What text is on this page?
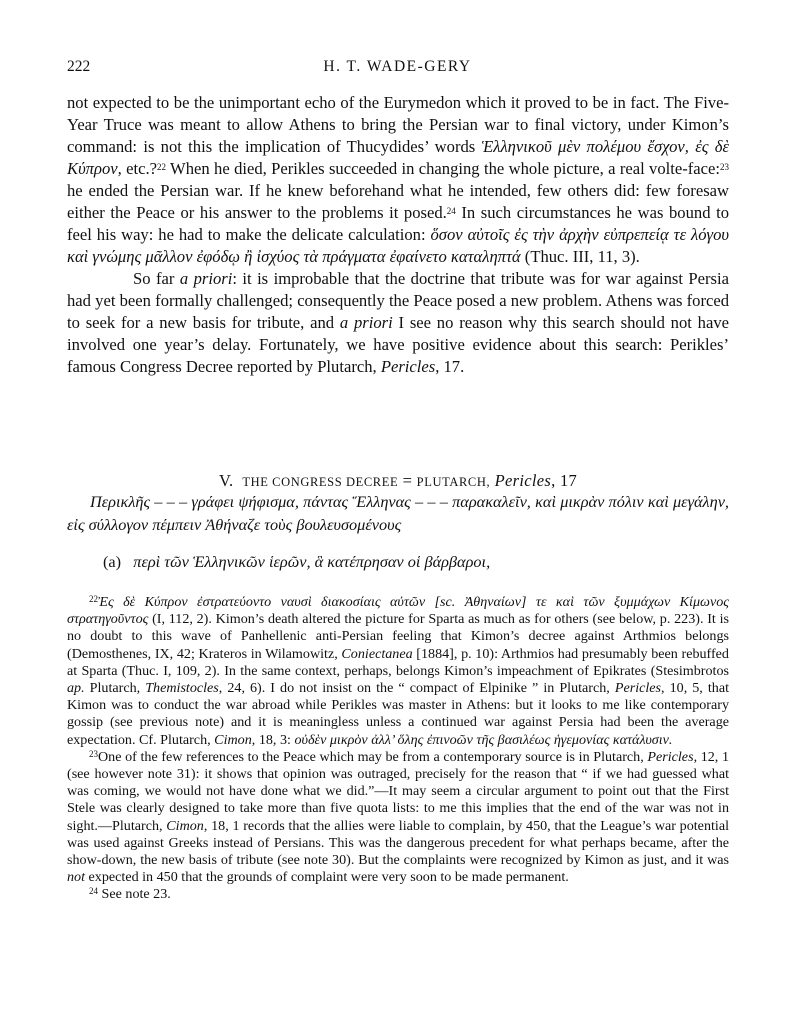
222	H. T. WADE-GERY

not expected to be the unimportant echo of the Eurymedon which it proved to be in fact. The Five-Year Truce was meant to allow Athens to bring the Persian war to final victory, under Kimon’s command: is not this the implication of Thucydides’ words Ἑλληνικοῦ μὲν πολέμου ἔσχον, ἐς δὲ Κύπρον, etc.?$^{22}$ When he died, Perikles succeeded in changing the whole picture, a real volte-face:$^{23}$ he ended the Persian war. If he knew beforehand what he intended, few others did: few foresaw either the Peace or his answer to the problems it posed.$^{24}$ In such circumstances he was bound to feel his way: he had to make the delicate calculation: ὅσον αὐτοῖς ἐς τὴν ἀρχὴν εὐπρεπείᾳ τε λόγου καὶ γνώμης μᾶλλον ἐφόδῳ ἢ ἰσχύος τὰ πράγματα ἐφαίνετο καταληπτά (Thuc. III, 11, 3).

So far a priori: it is improbable that the doctrine that tribute was for war against Persia had yet been formally challenged; consequently the Peace posed a new problem. Athens was forced to seek for a new basis for tribute, and a priori I see no reason why this search should not have involved one year’s delay. Fortunately, we have positive evidence about this search: Perikles’ famous Congress Decree reported by Plutarch, Pericles, 17.

V. THE CONGRESS DECREE = PLUTARCH, Pericles, 17

Περικλῆς – – – γράφει ψήφισμα, πάντας Ἕλληνας – – – παρακαλεῖν, καὶ μικρὰν πόλιν καὶ μεγάλην, εἰς σύλλογον πέμπειν Ἀθήναζε τοὺς βουλευσομένους

(a) περὶ τῶν Ἑλληνικῶν ἱερῶν, ἃ κατέπρησαν οἱ βάρβαροι,

$^{22}$Ἐς δὲ Κύπρον ἐστρατεύοντο ναυσὶ διακοσίαις αὐτῶν [sc. Ἀθηναίων] τε καὶ τῶν ξυμμάχων Κίμωνος στρατηγοῦντος (I, 112, 2). Kimon’s death altered the picture for Sparta as much as for others (see below, p. 223). It is no doubt to this wave of Panhellenic anti-Persian feeling that Kimon’s decree against Arthmios belongs (Demosthenes, IX, 42; Krateros in Wilamowitz, Coniectanea [1884], p. 10): Arthmios had presumably been rebuffed at Sparta (Thuc. I, 109, 2). In the same context, perhaps, belongs Kimon’s impeachment of Epikrates (Stesimbrotos ap. Plutarch, Themistocles, 24, 6). I do not insist on the “ compact of Elpinike ” in Plutarch, Pericles, 10, 5, that Kimon was to conduct the war abroad while Perikles was master in Athens: but it looks to me like contemporary gossip (see previous note) and it is meaningless unless a continued war against Persia had been the average expectation. Cf. Plutarch, Cimon, 18, 3: οὐδὲν μικρὸν ἀλλ’ ὅλης ἐπινοῶν τῆς βασιλέως ἡγεμονίας κατάλυσιν.

$^{23}$One of the few references to the Peace which may be from a contemporary source is in Plutarch, Pericles, 12, 1 (see however note 31): it shows that opinion was outraged, precisely for the reason that “ if we had guessed what was coming, we would not have done what we did.”—It may seem a circular argument to point out that the First Stele was clearly designed to take more than five quota lists: to me this implies that the end of the war was not in sight.—Plutarch, Cimon, 18, 1 records that the allies were liable to complain, by 450, that the League’s war potential was used against Greeks instead of Persians. This was the dangerous precedent for what perhaps became, after the show-down, the new basis of tribute (see note 30). But the complaints were recognized by Kimon as just, and it was not expected in 450 that the grounds of complaint were very soon to be made permanent.

$^{24}$ See note 23.
